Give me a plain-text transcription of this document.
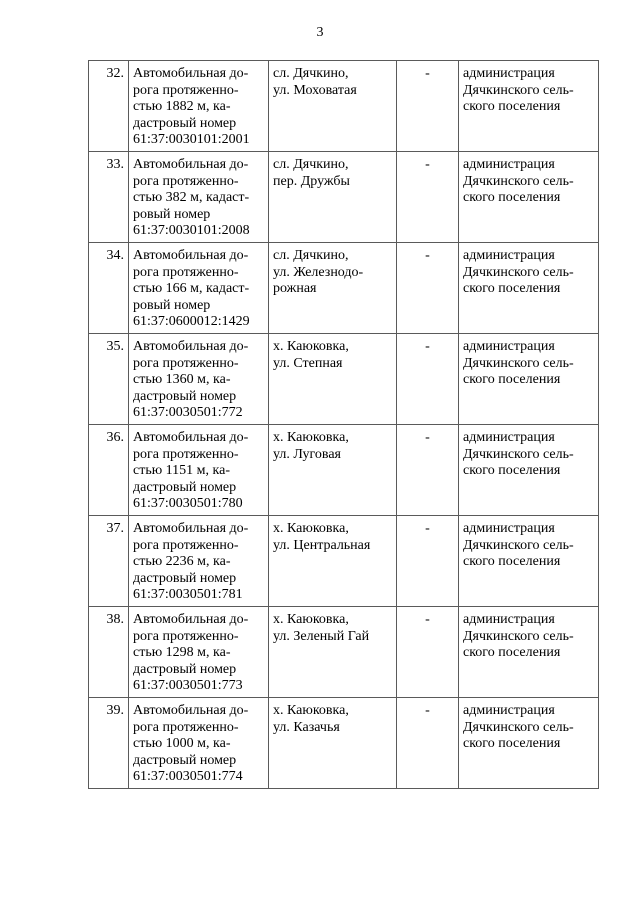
3
32.	Автомобильная до-
рога протяженно-
стью 1882 м, ка-
дастровый номер
61:37:0030101:2001	сл. Дячкино,
ул. Моховатая	-	администрация
Дячкинского сель-
ского поселения

33.	Автомобильная до-
рога протяженно-
стью 382 м, кадаст-
ровый номер
61:37:0030101:2008	сл. Дячкино,
пер. Дружбы	-	администрация
Дячкинского сель-
ского поселения

34.	Автомобильная до-
рога протяженно-
стью 166 м, кадаст-
ровый номер
61:37:0600012:1429	сл. Дячкино,
ул. Железнодо-
рожная	-	администрация
Дячкинского сель-
ского поселения

35.	Автомобильная до-
рога протяженно-
стью 1360 м, ка-
дастровый номер
61:37:0030501:772	х. Каюковка,
ул. Степная	-	администрация
Дячкинского сель-
ского поселения

36.	Автомобильная до-
рога протяженно-
стью 1151 м, ка-
дастровый номер
61:37:0030501:780	х. Каюковка,
ул. Луговая	-	администрация
Дячкинского сель-
ского поселения

37.	Автомобильная до-
рога протяженно-
стью 2236 м, ка-
дастровый номер
61:37:0030501:781	х. Каюковка,
ул. Центральная	-	администрация
Дячкинского сель-
ского поселения

38.	Автомобильная до-
рога протяженно-
стью 1298 м, ка-
дастровый номер
61:37:0030501:773	х. Каюковка,
ул. Зеленый Гай	-	администрация
Дячкинского сель-
ского поселения

39.	Автомобильная до-
рога протяженно-
стью 1000 м, ка-
дастровый номер
61:37:0030501:774	х. Каюковка,
ул. Казачья	-	администрация
Дячкинского сель-
ского поселения
